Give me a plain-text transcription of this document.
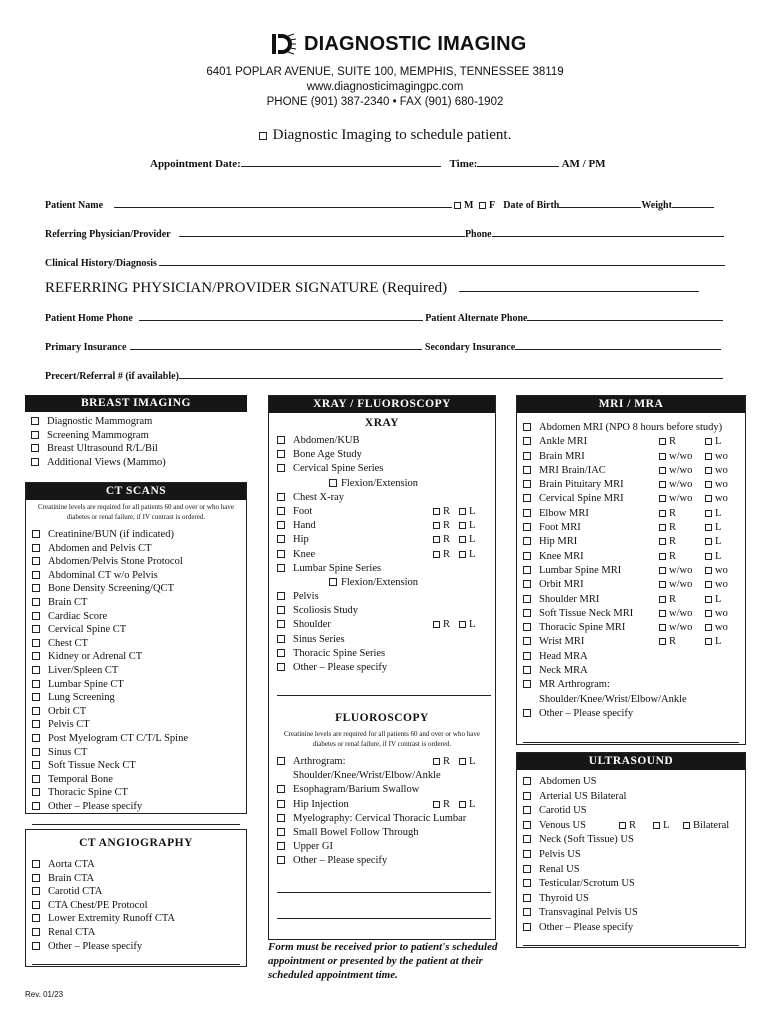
DIAGNOSTIC IMAGING
6401 POPLAR AVENUE, SUITE 100, MEMPHIS, TENNESSEE 38119
www.diagnosticimagingpc.com
PHONE (901) 387-2340 • FAX (901) 680-1902
Diagnostic Imaging to schedule patient.
Appointment Date:	Time:	AM / PM
Patient Name	M F Date of Birth	Weight
Referring Physician/Provider	Phone
Clinical History/Diagnosis
REFERRING PHYSICIAN/PROVIDER SIGNATURE (Required)
Patient Home Phone	Patient Alternate Phone
Primary Insurance	Secondary Insurance
Precert/Referral # (if available)
BREAST IMAGING
Diagnostic Mammogram
Screening Mammogram
Breast Ultrasound R/L/Bil
Additional Views (Mammo)
CT SCANS
Creatinine levels are required for all patients 60 and over or who have diabetes or renal failure, if IV contrast is ordered.
Creatinine/BUN (if indicated)
Abdomen and Pelvis CT
Abdomen/Pelvis Stone Protocol
Abdominal CT w/o Pelvis
Bone Density Screening/QCT
Brain CT
Cardiac Score
Cervical Spine CT
Chest CT
Kidney or Adrenal CT
Liver/Spleen CT
Lumbar Spine CT
Lung Screening
Orbit CT
Pelvis CT
Post Myelogram CT C/T/L Spine
Sinus CT
Soft Tissue Neck CT
Temporal Bone
Thoracic Spine CT
Other – Please specify
CT ANGIOGRAPHY
Aorta CTA
Brain CTA
Carotid CTA
CTA Chest/PE Protocol
Lower Extremity Runoff CTA
Renal CTA
Other – Please specify
XRAY / FLUOROSCOPY
XRAY
Abdomen/KUB
Bone Age Study
Cervical Spine Series
Flexion/Extension
Chest X-ray
Foot	R	L
Hand	R	L
Hip	R	L
Knee	R	L
Lumbar Spine Series
Flexion/Extension
Pelvis
Scoliosis Study
Shoulder	R	L
Sinus Series
Thoracic Spine Series
Other – Please specify
FLUOROSCOPY
Creatinine levels are required for all patients 60 and over or who have diabetes or renal failure, if IV contrast is ordered.
Arthrogram:	R	L
Shoulder/Knee/Wrist/Elbow/Ankle
Esophagram/Barium Swallow
Hip Injection	R	L
Myelography: Cervical Thoracic Lumbar
Small Bowel Follow Through
Upper GI
Other – Please specify
Form must be received prior to patient's scheduled appointment or presented by the patient at their scheduled appointment time.
MRI / MRA
Abdomen MRI (NPO 8 hours before study)
Ankle MRI	R	L
Brain MRI	w/wo	wo
MRI Brain/IAC	w/wo	wo
Brain Pituitary MRI	w/wo	wo
Cervical Spine MRI	w/wo	wo
Elbow MRI	R	L
Foot MRI	R	L
Hip MRI	R	L
Knee MRI	R	L
Lumbar Spine MRI	w/wo	wo
Orbit MRI	w/wo	wo
Shoulder MRI	R	L
Soft Tissue Neck MRI	w/wo	wo
Thoracic Spine MRI	w/wo	wo
Wrist MRI	R	L
Head MRA
Neck MRA
MR Arthrogram:
Shoulder/Knee/Wrist/Elbow/Ankle
Other – Please specify
ULTRASOUND
Abdomen US
Arterial US Bilateral
Carotid US
Venous US	R	L	Bilateral
Neck (Soft Tissue) US
Pelvis US
Renal US
Testicular/Scrotum US
Thyroid US
Transvaginal Pelvis US
Other – Please specify
Rev. 01/23
